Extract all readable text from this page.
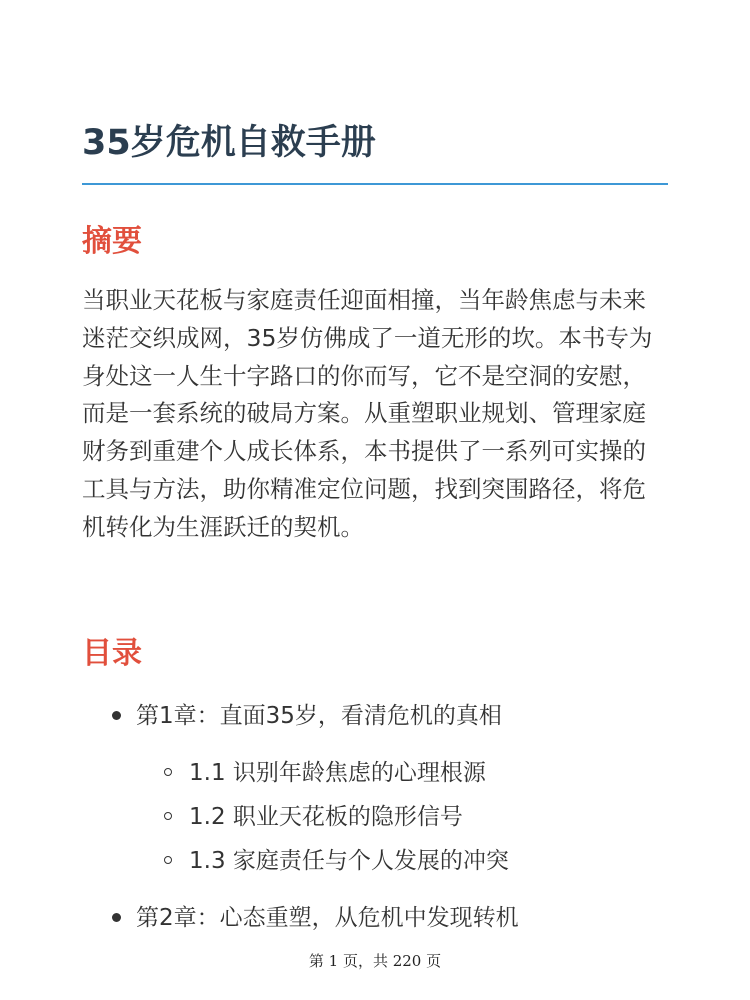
35岁危机自救手册
摘要

当职业天花板与家庭责任迎面相撞，当年龄焦虑与未来迷茫交织成网，35岁仿佛成了一道无形的坎。本书专为身处这一人生十字路口的你而写，它不是空洞的安慰，而是一套系统的破局方案。从重塑职业规划、管理家庭财务到重建个人成长体系，本书提供了一系列可实操的工具与方法，助你精准定位问题，找到突围路径，将危机转化为生涯跃迁的契机。

目录
第1章：直面35岁，看清危机的真相
1.1 识别年龄焦虑的心理根源
1.2 职业天花板的隐形信号
1.3 家庭责任与个人发展的冲突
第2章：心态重塑，从危机中发现转机
第 1 页，共 220 页
